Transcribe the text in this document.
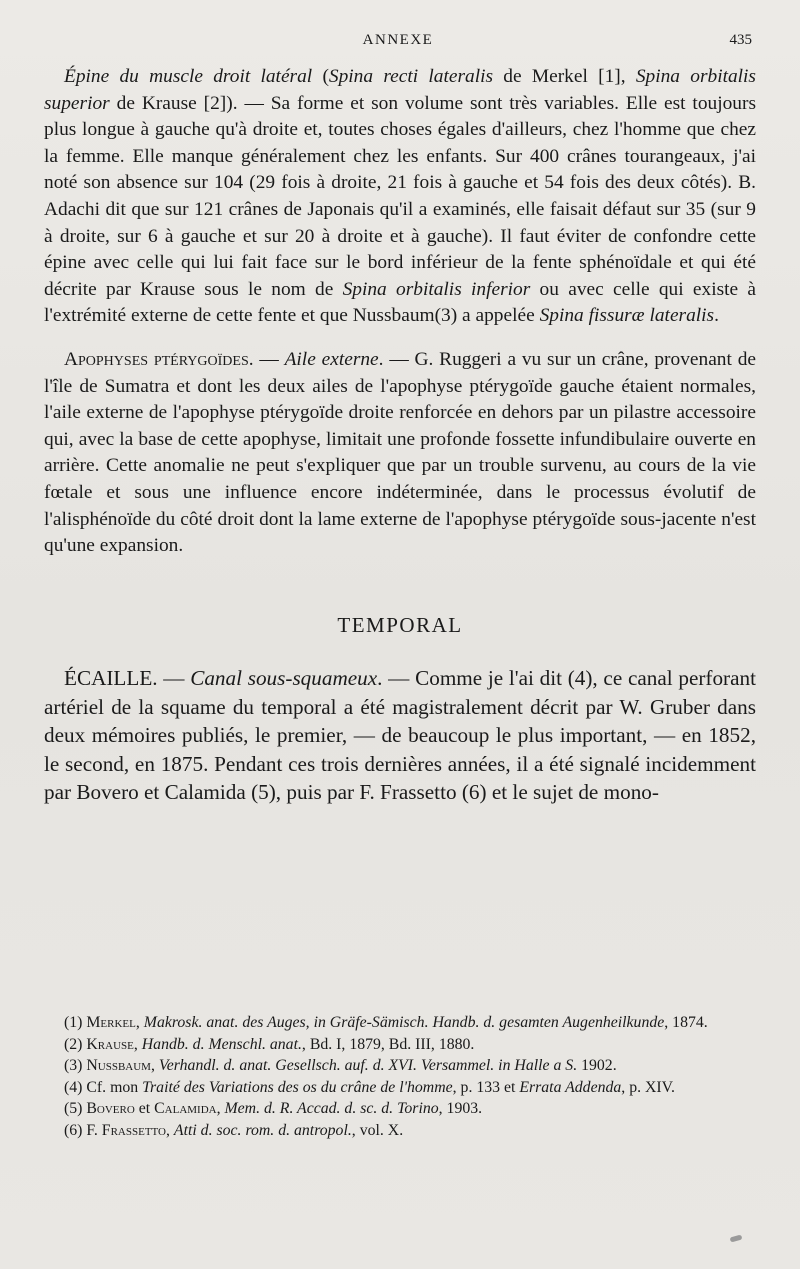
ANNEXE	435

Épine du muscle droit latéral (Spina recti lateralis de Merkel [1], Spina orbitalis superior de Krause [2]). — Sa forme et son volume sont très variables. Elle est toujours plus longue à gauche qu'à droite et, toutes choses égales d'ailleurs, chez l'homme que chez la femme. Elle manque généralement chez les enfants. Sur 400 crânes tourangeaux, j'ai noté son absence sur 104 (29 fois à droite, 21 fois à gauche et 54 fois des deux côtés). B. Adachi dit que sur 121 crânes de Japonais qu'il a examinés, elle faisait défaut sur 35 (sur 9 à droite, sur 6 à gauche et sur 20 à droite et à gauche). Il faut éviter de confondre cette épine avec celle qui lui fait face sur le bord inférieur de la fente sphénoïdale et qui été décrite par Krause sous le nom de Spina orbitalis inferior ou avec celle qui existe à l'extrémité externe de cette fente et que Nussbaum(3) a appelée Spina fissuræ lateralis.

Apophyses ptérygoïdes. — Aile externe. — G. Ruggeri a vu sur un crâne, provenant de l'île de Sumatra et dont les deux ailes de l'apophyse ptérygoïde gauche étaient normales, l'aile externe de l'apophyse ptérygoïde droite renforcée en dehors par un pilastre accessoire qui, avec la base de cette apophyse, limitait une profonde fossette infundibulaire ouverte en arrière. Cette anomalie ne peut s'expliquer que par un trouble survenu, au cours de la vie fœtale et sous une influence encore indéterminée, dans le processus évolutif de l'alisphénoïde du côté droit dont la lame externe de l'apophyse ptérygoïde sous-jacente n'est qu'une expansion.

TEMPORAL

ÉCAILLE. — Canal sous-squameux. — Comme je l'ai dit (4), ce canal perforant artériel de la squame du temporal a été magistralement décrit par W. Gruber dans deux mémoires publiés, le premier, — de beaucoup le plus important, — en 1852, le second, en 1875. Pendant ces trois dernières années, il a été signalé incidemment par Bovero et Calamida (5), puis par F. Frassetto (6) et le sujet de mono-

(1) Merkel, Makrosk. anat. des Auges, in Gräfe-Sämisch. Handb. d. gesamten Augenheilkunde, 1874.

(2) Krause, Handb. d. Menschl. anat., Bd. I, 1879, Bd. III, 1880.

(3) Nussbaum, Verhandl. d. anat. Gesellsch. auf. d. XVI. Versammel. in Halle a S. 1902.

(4) Cf. mon Traité des Variations des os du crâne de l'homme, p. 133 et Errata Addenda, p. XIV.

(5) Bovero et Calamida, Mem. d. R. Accad. d. sc. d. Torino, 1903.

(6) F. Frassetto, Atti d. soc. rom. d. antropol., vol. X.
